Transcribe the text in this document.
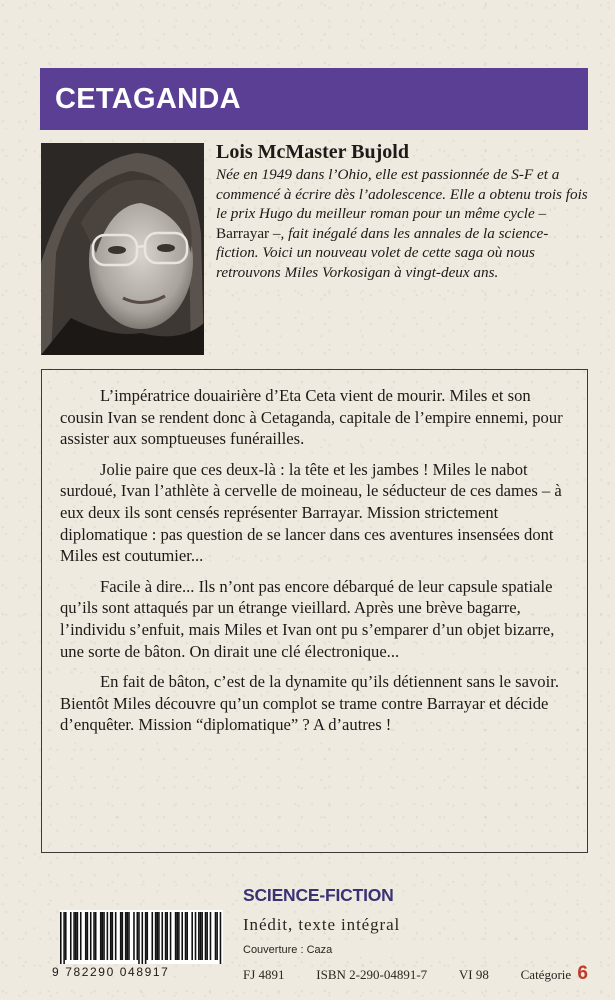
CETAGANDA
Lois McMaster Bujold

Née en 1949 dans l’Ohio, elle est passionnée de S-F et a commencé à écrire dès l’adolescence. Elle a obtenu trois fois le prix Hugo du meilleur roman pour un même cycle – Barrayar –, fait inégalé dans les annales de la science-fiction. Voici un nouveau volet de cette saga où nous retrouvons Miles Vorkosigan à vingt-deux ans.

L’impératrice douairière d’Eta Ceta vient de mourir. Miles et son cousin Ivan se rendent donc à Cetaganda, capitale de l’empire ennemi, pour assister aux somptueuses funérailles.

Jolie paire que ces deux-là : la tête et les jambes ! Miles le nabot surdoué, Ivan l’athlète à cervelle de moineau, le séducteur de ces dames – à eux deux ils sont censés représenter Barrayar. Mission strictement diplomatique : pas question de se lancer dans ces aventures insensées dont Miles est coutumier...

Facile à dire... Ils n’ont pas encore débarqué de leur capsule spatiale qu’ils sont attaqués par un étrange vieillard. Après une brève bagarre, l’individu s’enfuit, mais Miles et Ivan ont pu s’emparer d’un objet bizarre, une sorte de bâton. On dirait une clé électronique...

En fait de bâton, c’est de la dynamite qu’ils détiennent sans le savoir. Bientôt Miles découvre qu’un complot se trame contre Barrayar et décide d’enquêter. Mission “diplomatique” ? A d’autres !

9 782290 048917
SCIENCE-FICTION
Inédit, texte intégral
Couverture : Caza
FJ 4891 ISBN 2-290-04891-7 VI 98 Catégorie 6
